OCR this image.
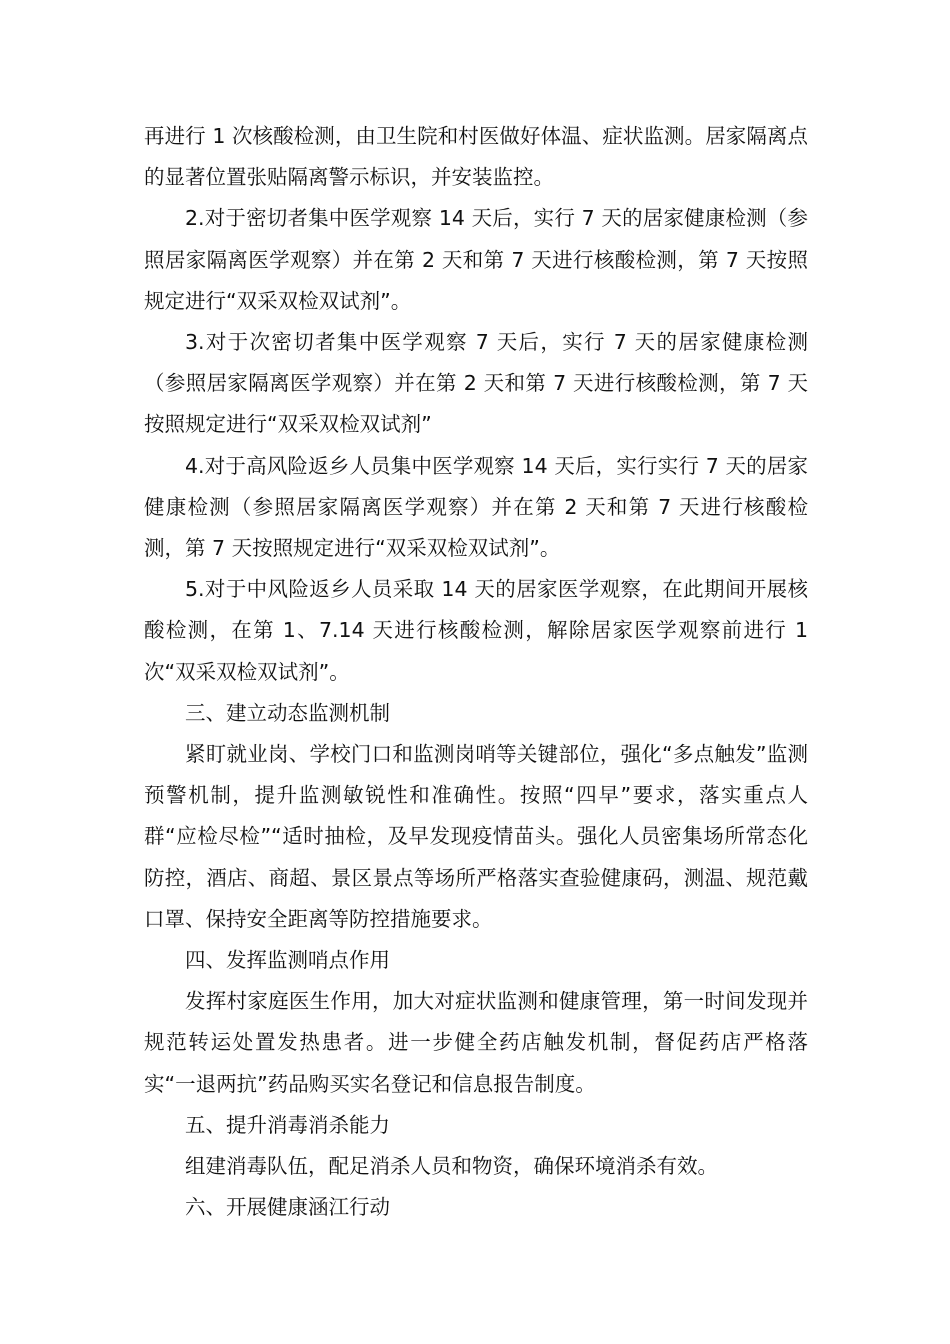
再进行 1 次核酸检测，由卫生院和村医做好体温、症状监测。居家隔离点的显著位置张贴隔离警示标识，并安装监控。

2.对于密切者集中医学观察 14 天后，实行 7 天的居家健康检测（参照居家隔离医学观察）并在第 2 天和第 7 天进行核酸检测，第 7 天按照规定进行“双采双检双试剂”。

3.对于次密切者集中医学观察 7 天后，实行 7 天的居家健康检测（参照居家隔离医学观察）并在第 2 天和第 7 天进行核酸检测，第 7 天按照规定进行“双采双检双试剂”

4.对于高风险返乡人员集中医学观察 14 天后，实行实行 7 天的居家健康检测（参照居家隔离医学观察）并在第 2 天和第 7 天进行核酸检测，第 7 天按照规定进行“双采双检双试剂”。

5.对于中风险返乡人员采取 14 天的居家医学观察，在此期间开展核酸检测，在第 1、7.14 天进行核酸检测，解除居家医学观察前进行 1 次“双采双检双试剂”。

三、建立动态监测机制

紧盯就业岗、学校门口和监测岗哨等关键部位，强化“多点触发”监测预警机制，提升监测敏锐性和准确性。按照“四早”要求，落实重点人群“应检尽检”“适时抽检，及早发现疫情苗头。强化人员密集场所常态化防控，酒店、商超、景区景点等场所严格落实查验健康码，测温、规范戴口罩、保持安全距离等防控措施要求。

四、发挥监测哨点作用

发挥村家庭医生作用，加大对症状监测和健康管理，第一时间发现并规范转运处置发热患者。进一步健全药店触发机制，督促药店严格落实“一退两抗”药品购买实名登记和信息报告制度。

五、提升消毒消杀能力

组建消毒队伍，配足消杀人员和物资，确保环境消杀有效。

六、开展健康涵江行动
